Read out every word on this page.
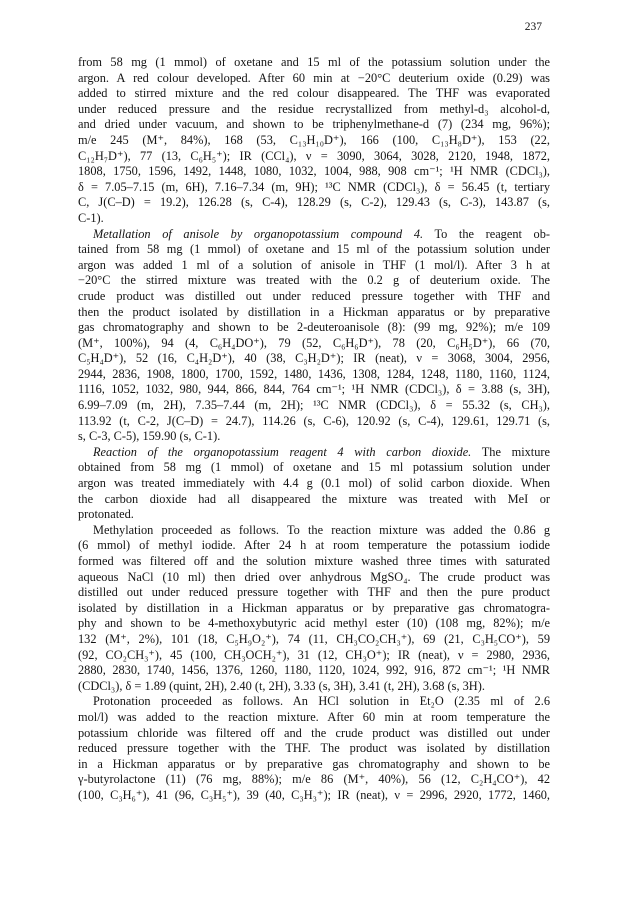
237
from 58 mg (1 mmol) of oxetane and 15 ml of the potassium solution under the
argon. A red colour developed. After 60 min at −20°C deuterium oxide (0.29) was
added to stirred mixture and the red colour disappeared. The THF was evaporated
under reduced pressure and the residue recrystallized from methyl-d₃ alcohol-d,
and dried under vacuum, and shown to be triphenylmethane-d (7) (234 mg, 96%);
m/e 245 (M⁺, 84%), 168 (53, C₁₃H₁₀D⁺), 166 (100, C₁₃H₈D⁺), 153 (22,
C₁₂H₇D⁺), 77 (13, C₆H₅⁺); IR (CCl₄), ν = 3090, 3064, 3028, 2120, 1948, 1872,
1808, 1750, 1596, 1492, 1448, 1080, 1032, 1004, 988, 908 cm⁻¹; ¹H NMR (CDCl₃),
δ = 7.05–7.15 (m, 6H), 7.16–7.34 (m, 9H); ¹³C NMR (CDCl₃), δ = 56.45 (t, tertiary
C, J(C–D) = 19.2), 126.28 (s, C-4), 128.29 (s, C-2), 129.43 (s, C-3), 143.87 (s,
C-1).
Metallation of anisole by organopotassium compound 4. To the reagent ob-
tained from 58 mg (1 mmol) of oxetane and 15 ml of the potassium solution under
argon was added 1 ml of a solution of anisole in THF (1 mol/l). After 3 h at
−20°C the stirred mixture was treated with the 0.2 g of deuterium oxide. The
crude product was distilled out under reduced pressure together with THF and
then the product isolated by distillation in a Hickman apparatus or by preparative
gas chromatography and shown to be 2-deuteroanisole (8): (99 mg, 92%); m/e 109
(M⁺, 100%), 94 (4, C₆H₄DO⁺), 79 (52, C₆H₆D⁺), 78 (20, C₆H₅D⁺), 66 (70,
C₅H₄D⁺), 52 (16, C₄H₂D⁺), 40 (38, C₃H₂D⁺); IR (neat), ν = 3068, 3004, 2956,
2944, 2836, 1908, 1800, 1700, 1592, 1480, 1436, 1308, 1284, 1248, 1180, 1160, 1124,
1116, 1052, 1032, 980, 944, 866, 844, 764 cm⁻¹; ¹H NMR (CDCl₃), δ = 3.88 (s, 3H),
6.99–7.09 (m, 2H), 7.35–7.44 (m, 2H); ¹³C NMR (CDCl₃), δ = 55.32 (s, CH₃),
113.92 (t, C-2, J(C–D) = 24.7), 114.26 (s, C-6), 120.92 (s, C-4), 129.61, 129.71 (s,
s, C-3, C-5), 159.90 (s, C-1).
Reaction of the organopotassium reagent 4 with carbon dioxide. The mixture
obtained from 58 mg (1 mmol) of oxetane and 15 ml potassium solution under
argon was treated immediately with 4.4 g (0.1 mol) of solid carbon dioxide. When
the carbon dioxide had all disappeared the mixture was treated with MeI or
protonated.
Methylation proceeded as follows. To the reaction mixture was added the 0.86 g
(6 mmol) of methyl iodide. After 24 h at room temperature the potassium iodide
formed was filtered off and the solution mixture washed three times with saturated
aqueous NaCl (10 ml) then dried over anhydrous MgSO₄. The crude product was
distilled out under reduced pressure together with THF and then the pure product
isolated by distillation in a Hickman apparatus or by preparative gas chromatogra-
phy and shown to be 4-methoxybutyric acid methyl ester (10) (108 mg, 82%); m/e
132 (M⁺, 2%), 101 (18, C₅H₉O₂⁺), 74 (11, CH₃CO₂CH₃⁺), 69 (21, C₃H₅CO⁺), 59
(92, CO₂CH₃⁺), 45 (100, CH₃OCH₂⁺), 31 (12, CH₃O⁺); IR (neat), ν = 2980, 2936,
2880, 2830, 1740, 1456, 1376, 1260, 1180, 1120, 1024, 992, 916, 872 cm⁻¹; ¹H NMR
(CDCl₃), δ = 1.89 (quint, 2H), 2.40 (t, 2H), 3.33 (s, 3H), 3.41 (t, 2H), 3.68 (s, 3H).
Protonation proceeded as follows. An HCl solution in Et₂O (2.35 ml of 2.6
mol/l) was added to the reaction mixture. After 60 min at room temperature the
potassium chloride was filtered off and the crude product was distilled out under
reduced pressure together with the THF. The product was isolated by distillation
in a Hickman apparatus or by preparative gas chromatography and shown to be
γ-butyrolactone (11) (76 mg, 88%); m/e 86 (M⁺, 40%), 56 (12, C₂H₄CO⁺), 42
(100, C₃H₆⁺), 41 (96, C₃H₅⁺), 39 (40, C₃H₃⁺); IR (neat), ν = 2996, 2920, 1772, 1460,
